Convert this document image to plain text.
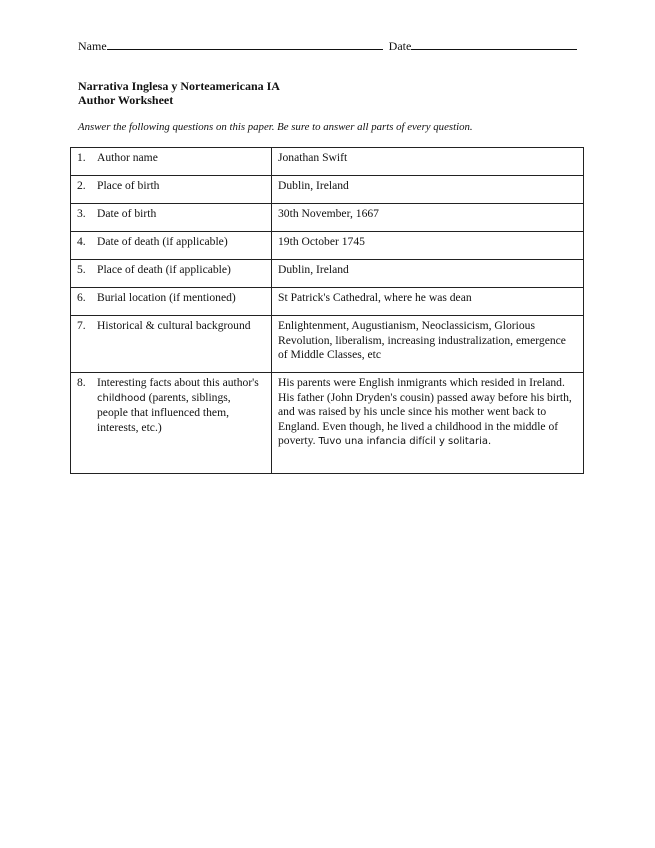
Name	Date
Narrativa Inglesa y Norteamericana IA
Author Worksheet
Answer the following questions on this paper. Be sure to answer all parts of every question.
1. Author name	Jonathan Swift
2. Place of birth	Dublin, Ireland
3. Date of birth	30th November, 1667
4. Date of death (if applicable)	19th October 1745
5. Place of death (if applicable)	Dublin, Ireland
6. Burial location (if mentioned)	St Patrick's Cathedral, where he was dean
7. Historical & cultural background	Enlightenment, Augustianism, Neoclassicism, Glorious Revolution, liberalism, increasing industralization, emergence of Middle Classes, etc
8. Interesting facts about this author's childhood (parents, siblings, people that influenced them, interests, etc.)	His parents were English inmigrants which resided in Ireland. His father (John Dryden's cousin) passed away before his birth, and was raised by his uncle since his mother went back to England. Even though, he lived a childhood in the middle of poverty. Tuvo una infancia difícil y solitaria.
